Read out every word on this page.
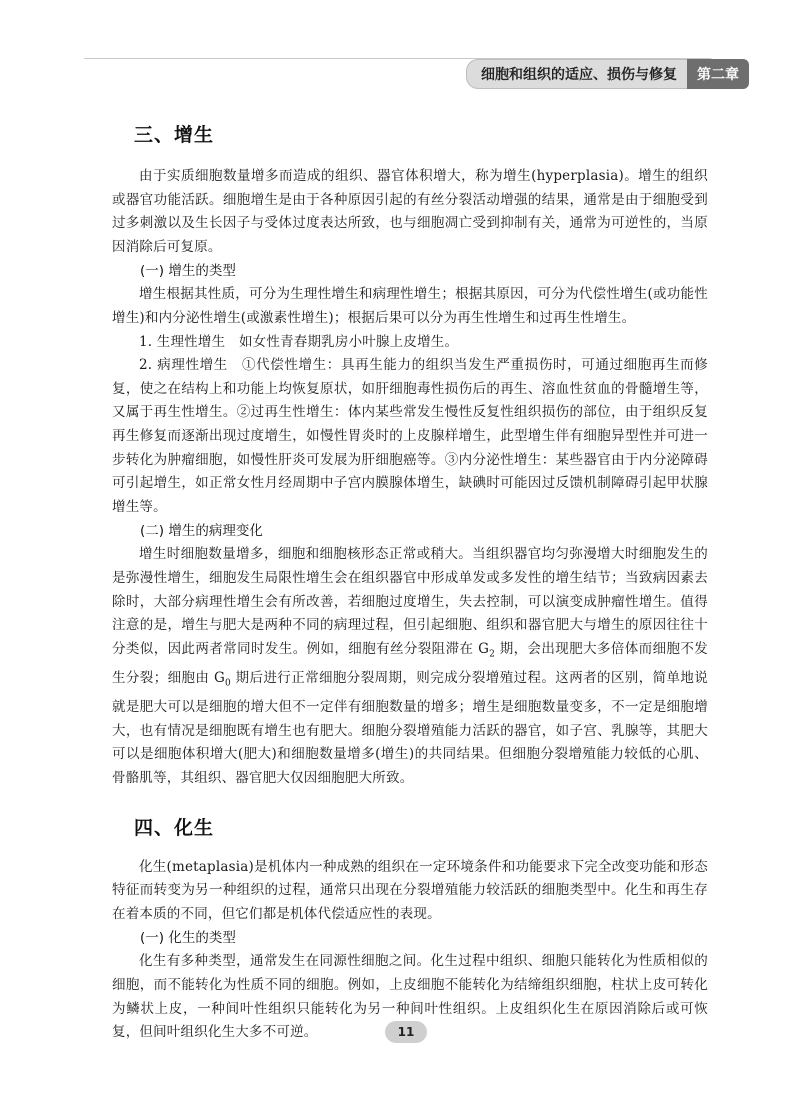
细胞和组织的适应、损伤与修复	第二章
三、增生

由于实质细胞数量增多而造成的组织、器官体积增大，称为增生(hyperplasia)。增生的组织或器官功能活跃。细胞增生是由于各种原因引起的有丝分裂活动增强的结果，通常是由于细胞受到过多刺激以及生长因子与受体过度表达所致，也与细胞凋亡受到抑制有关，通常为可逆性的，当原因消除后可复原。

(一) 增生的类型

增生根据其性质，可分为生理性增生和病理性增生；根据其原因，可分为代偿性增生(或功能性增生)和内分泌性增生(或激素性增生)；根据后果可以分为再生性增生和过再生性增生。

1. 生理性增生　如女性青春期乳房小叶腺上皮增生。

2. 病理性增生　①代偿性增生：具再生能力的组织当发生严重损伤时，可通过细胞再生而修复，使之在结构上和功能上均恢复原状，如肝细胞毒性损伤后的再生、溶血性贫血的骨髓增生等，又属于再生性增生。②过再生性增生：体内某些常发生慢性反复性组织损伤的部位，由于组织反复再生修复而逐渐出现过度增生，如慢性胃炎时的上皮腺样增生，此型增生伴有细胞异型性并可进一步转化为肿瘤细胞，如慢性肝炎可发展为肝细胞癌等。③内分泌性增生：某些器官由于内分泌障碍可引起增生，如正常女性月经周期中子宫内膜腺体增生，缺碘时可能因过反馈机制障碍引起甲状腺增生等。

(二) 增生的病理变化

增生时细胞数量增多，细胞和细胞核形态正常或稍大。当组织器官均匀弥漫增大时细胞发生的是弥漫性增生，细胞发生局限性增生会在组织器官中形成单发或多发性的增生结节；当致病因素去除时，大部分病理性增生会有所改善，若细胞过度增生，失去控制，可以演变成肿瘤性增生。值得注意的是，增生与肥大是两种不同的病理过程，但引起细胞、组织和器官肥大与增生的原因往往十分类似，因此两者常同时发生。例如，细胞有丝分裂阻滞在 $G_2$ 期，会出现肥大多倍体而细胞不发生分裂；细胞由 $G_0$ 期后进行正常细胞分裂周期，则完成分裂增殖过程。这两者的区别，简单地说就是肥大可以是细胞的增大但不一定伴有细胞数量的增多；增生是细胞数量变多，不一定是细胞增大，也有情况是细胞既有增生也有肥大。细胞分裂增殖能力活跃的器官，如子宫、乳腺等，其肥大可以是细胞体积增大(肥大)和细胞数量增多(增生)的共同结果。但细胞分裂增殖能力较低的心肌、骨骼肌等，其组织、器官肥大仅因细胞肥大所致。

四、化生

化生(metaplasia)是机体内一种成熟的组织在一定环境条件和功能要求下完全改变功能和形态特征而转变为另一种组织的过程，通常只出现在分裂增殖能力较活跃的细胞类型中。化生和再生存在着本质的不同，但它们都是机体代偿适应性的表现。

(一) 化生的类型

化生有多种类型，通常发生在同源性细胞之间。化生过程中组织、细胞只能转化为性质相似的细胞，而不能转化为性质不同的细胞。例如，上皮细胞不能转化为结缔组织细胞，柱状上皮可转化为鳞状上皮，一种间叶性组织只能转化为另一种间叶性组织。上皮组织化生在原因消除后或可恢复，但间叶组织化生大多不可逆。	11
